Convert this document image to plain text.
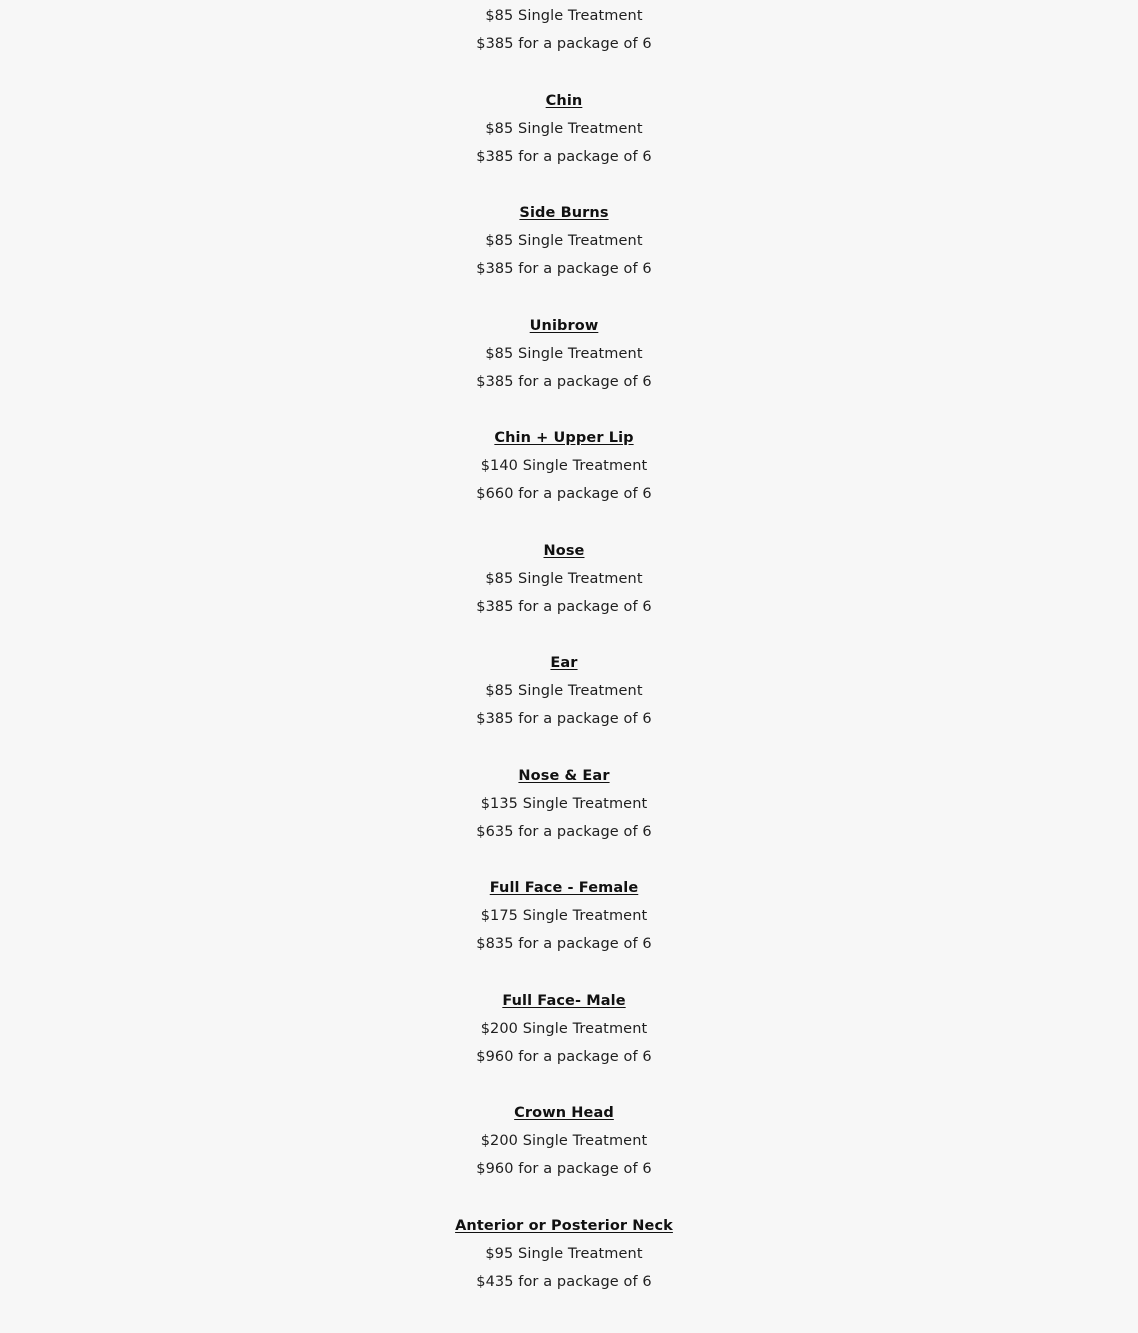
$85 Single Treatment
$385 for a package of 6
Chin
$85 Single Treatment
$385 for a package of 6
Side Burns
$85 Single Treatment
$385 for a package of 6
Unibrow
$85 Single Treatment
$385 for a package of 6
Chin + Upper Lip
$140 Single Treatment
$660 for a package of 6
Nose
$85 Single Treatment
$385 for a package of 6
Ear
$85 Single Treatment
$385 for a package of 6
Nose & Ear
$135 Single Treatment
$635 for a package of 6
Full Face - Female
$175 Single Treatment
$835 for a package of 6
Full Face- Male
$200 Single Treatment
$960 for a package of 6
Crown Head
$200 Single Treatment
$960 for a package of 6
Anterior or Posterior Neck
$95 Single Treatment
$435 for a package of 6
